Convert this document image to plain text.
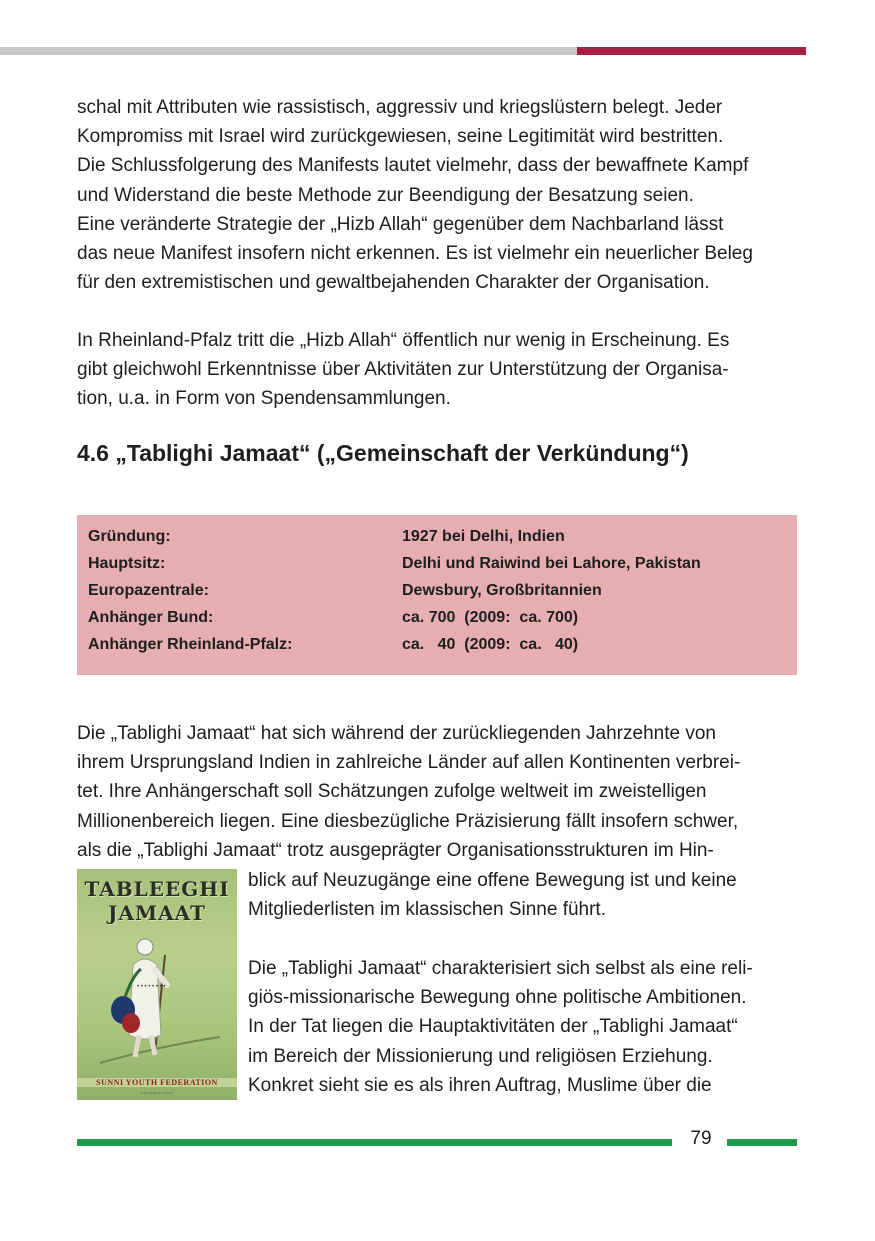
schal mit Attributen wie rassistisch, aggressiv und kriegslüstern belegt. Jeder
Kompromiss mit Israel wird zurückgewiesen, seine Legitimität wird bestritten.
Die Schlussfolgerung des Manifests lautet vielmehr, dass der bewaffnete Kampf
und Widerstand die beste Methode zur Beendigung der Besatzung seien.
Eine veränderte Strategie der „Hizb Allah“ gegenüber dem Nachbarland lässt
das neue Manifest insofern nicht erkennen. Es ist vielmehr ein neuerlicher Beleg
für den extremistischen und gewaltbejahenden Charakter der Organisation.
In Rheinland-Pfalz tritt die „Hizb Allah“ öffentlich nur wenig in Erscheinung. Es
gibt gleichwohl Erkenntnisse über Aktivitäten zur Unterstützung der Organisa-
tion, u.a. in Form von Spendensammlungen.
4.6 „Tablighi Jamaat“ („Gemeinschaft der Verkündung“)
Gründung:	1927 bei Delhi, Indien
Hauptsitz:	Delhi und Raiwind bei Lahore, Pakistan
Europazentrale:	Dewsbury, Großbritannien
Anhänger Bund:	ca. 700  (2009:  ca. 700)
Anhänger Rheinland-Pfalz:	ca.   40  (2009:  ca.   40)
Die „Tablighi Jamaat“ hat sich während der zurückliegenden Jahrzehnte von
ihrem Ursprungsland Indien in zahlreiche Länder auf allen Kontinenten verbrei-
tet. Ihre Anhängerschaft soll Schätzungen zufolge weltweit im zweistelligen
Millionenbereich liegen. Eine diesbezügliche Präzisierung fällt insofern schwer,
als die „Tablighi Jamaat“ trotz ausgeprägter Organisationsstrukturen im Hin-
TABLEEGHI
JAMAAT
• • • • • • • •
SUNNI YOUTH FEDERATION
• • • • • • • • • • • • •
blick auf Neuzugänge eine offene Bewegung ist und keine
Mitgliederlisten im klassischen Sinne führt.
Die „Tablighi Jamaat“ charakterisiert sich selbst als eine reli-
giös-missionarische Bewegung ohne politische Ambitionen.
In der Tat liegen die Hauptaktivitäten der „Tablighi Jamaat“
im Bereich der Missionierung und religiösen Erziehung.
Konkret sieht sie es als ihren Auftrag, Muslime über die
79
